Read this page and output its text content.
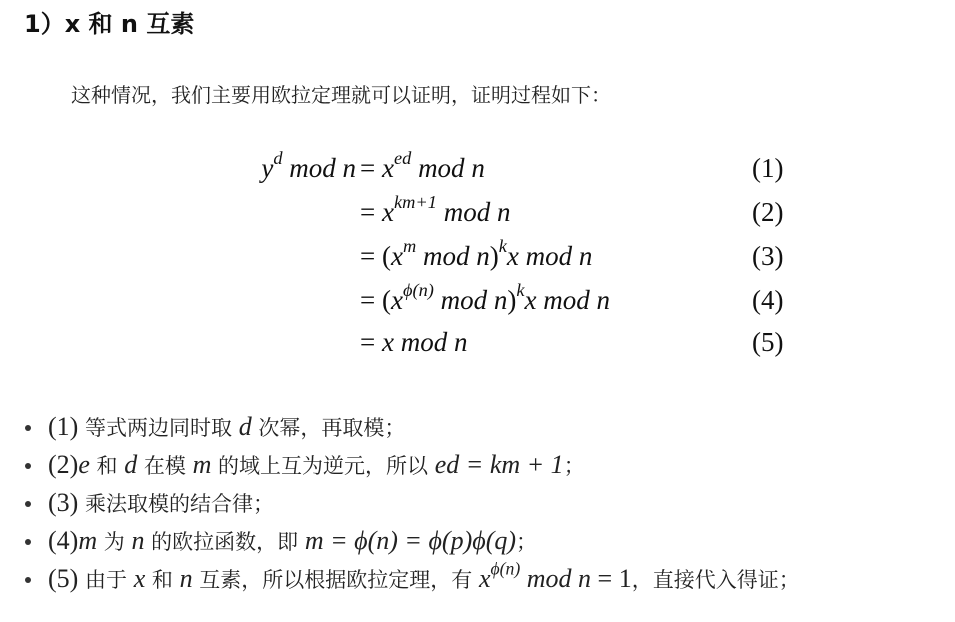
1）x 和 n 互素
这种情况，我们主要用欧拉定理就可以证明，证明过程如下：
$y^d$ mod $n = x^{ed}$ mod n	(1)
= $x^{km+1}$ mod n	(2)
= ($x^m$ mod n)$^k$x mod n	(3)
= ($x^{\phi(n)}$ mod n)$^k$x mod n	(4)
= x mod n	(5)
(1) 等式两边同时取 d 次幂，再取模；
(2)e 和 d 在模 m 的域上互为逆元，所以 ed = km + 1；
(3) 乘法取模的结合律；
(4)m 为 n 的欧拉函数，即 m = ϕ(n) = ϕ(p)ϕ(q)；
(5) 由于 x 和 n 互素，所以根据欧拉定理，有 $x^{\phi(n)}$ mod n = 1，直接代入得证；
